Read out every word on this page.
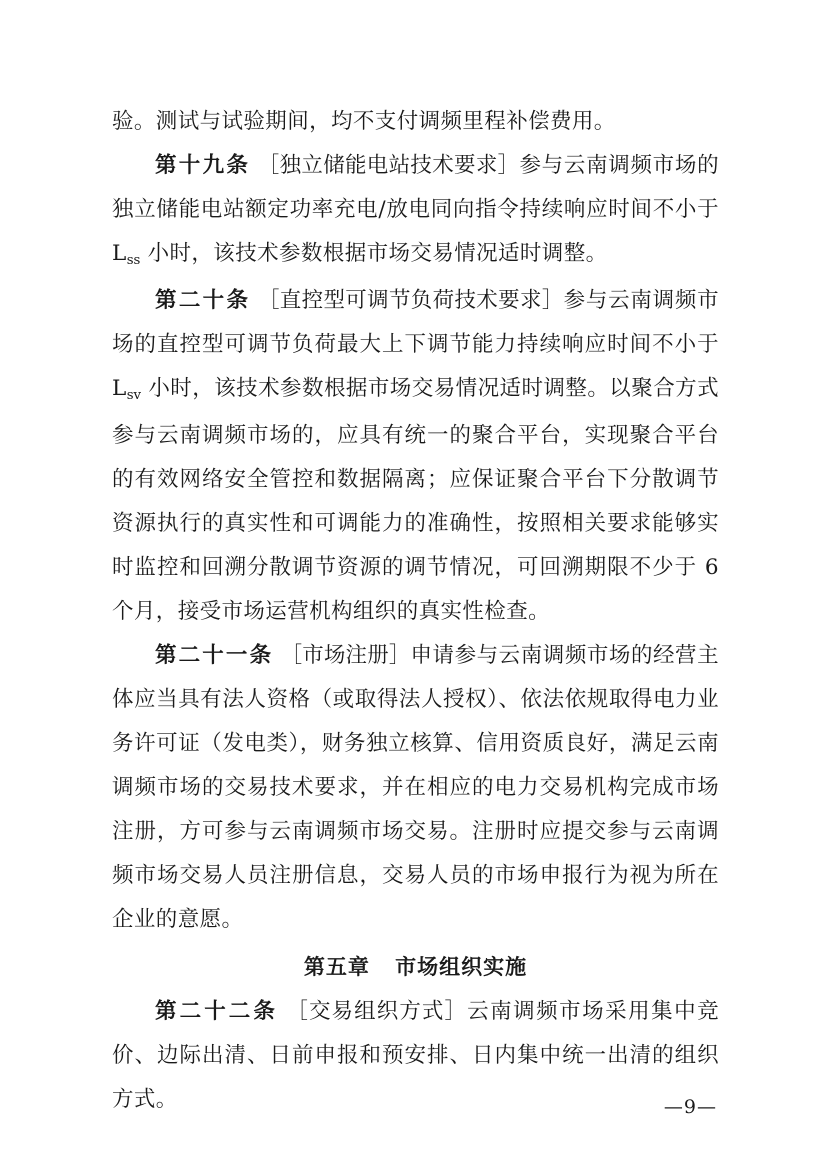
验。测试与试验期间，均不支付调频里程补偿费用。

第十九条 ［独立储能电站技术要求］参与云南调频市场的独立储能电站额定功率充电/放电同向指令持续响应时间不小于 $L_{ss}$ 小时，该技术参数根据市场交易情况适时调整。

第二十条 ［直控型可调节负荷技术要求］参与云南调频市场的直控型可调节负荷最大上下调节能力持续响应时间不小于 $L_{sv}$ 小时，该技术参数根据市场交易情况适时调整。以聚合方式参与云南调频市场的，应具有统一的聚合平台，实现聚合平台的有效网络安全管控和数据隔离；应保证聚合平台下分散调节资源执行的真实性和可调能力的准确性，按照相关要求能够实时监控和回溯分散调节资源的调节情况，可回溯期限不少于 6 个月，接受市场运营机构组织的真实性检查。

第二十一条 ［市场注册］申请参与云南调频市场的经营主体应当具有法人资格（或取得法人授权）、依法依规取得电力业务许可证（发电类），财务独立核算、信用资质良好，满足云南调频市场的交易技术要求，并在相应的电力交易机构完成市场注册，方可参与云南调频市场交易。注册时应提交参与云南调频市场交易人员注册信息，交易人员的市场申报行为视为所在企业的意愿。

第五章 市场组织实施

第二十二条 ［交易组织方式］云南调频市场采用集中竞价、边际出清、日前申报和预安排、日内集中统一出清的组织方式。	—9—
